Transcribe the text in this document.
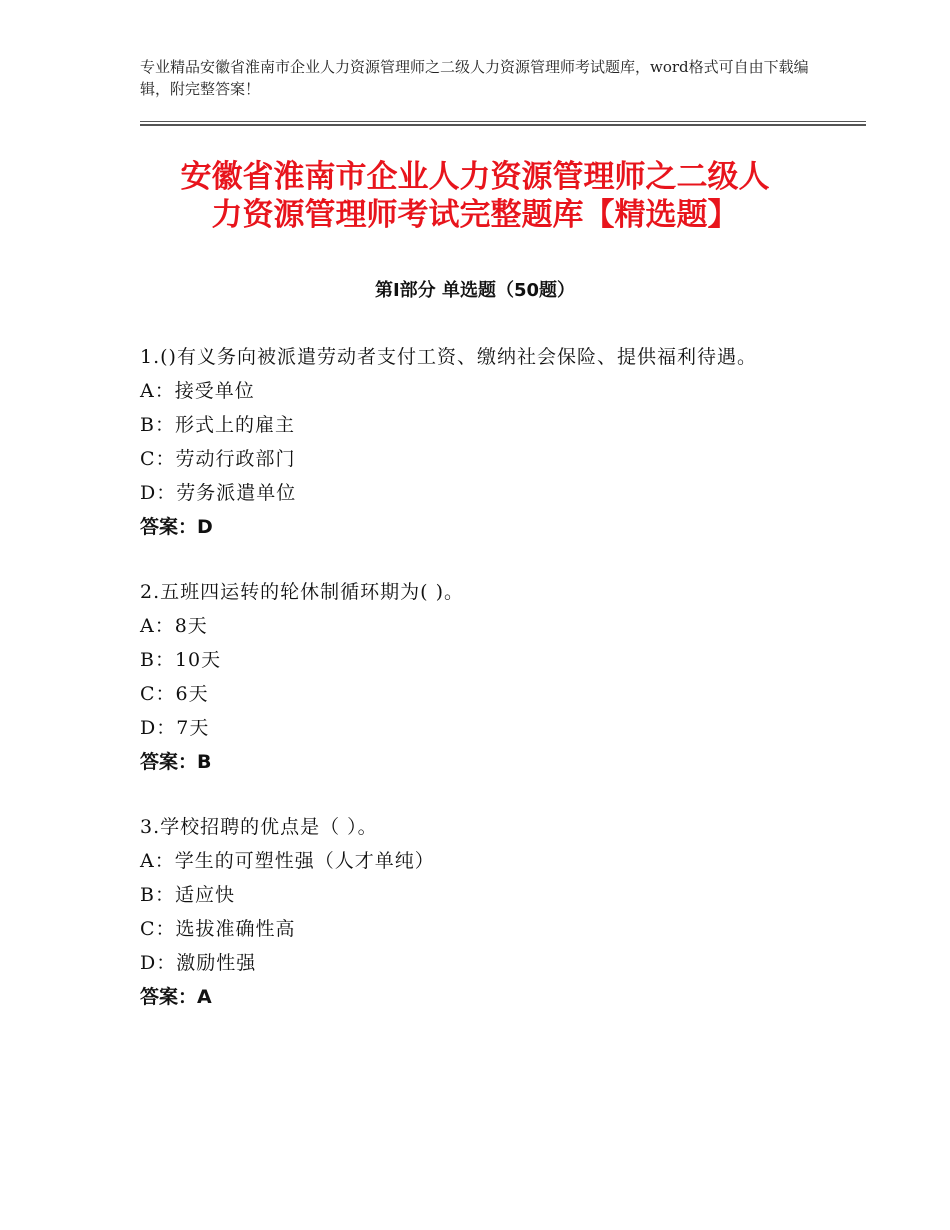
专业精品安徽省淮南市企业人力资源管理师之二级人力资源管理师考试题库，word格式可自由下载编辑，附完整答案！
安徽省淮南市企业人力资源管理师之二级人
力资源管理师考试完整题库【精选题】
第Ⅰ部分 单选题（50题）
1.()有义务向被派遣劳动者支付工资、缴纳社会保险、提供福利待遇。
A：接受单位
B：形式上的雇主
C：劳动行政部门
D：劳务派遣单位
答案：D
2.五班四运转的轮休制循环期为( )。
A：8天
B：10天
C：6天
D：7天
答案：B
3.学校招聘的优点是（ ）。
A：学生的可塑性强（人才单纯）
B：适应快
C：选拔准确性高
D：激励性强
答案：A
